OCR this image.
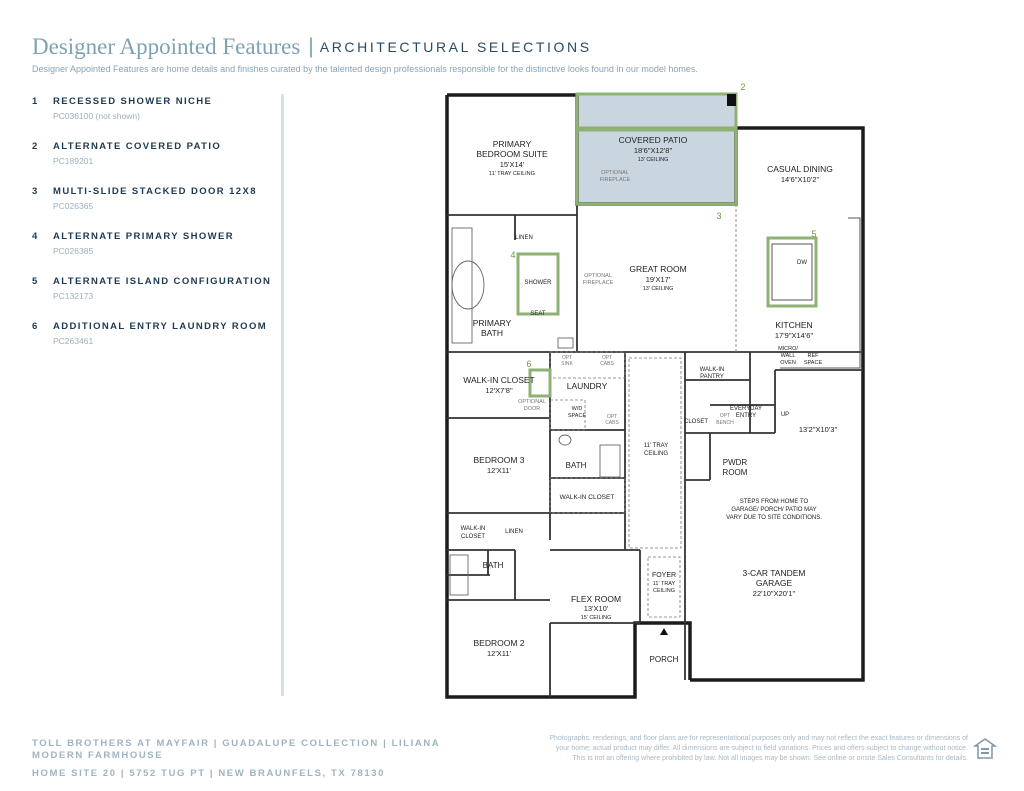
Designer Appointed Features | ARCHITECTURAL SELECTIONS
Designer Appointed Features are home details and finishes curated by the talented design professionals responsible for the distinctive looks found in our model homes.
1	RECESSED SHOWER NICHE
PC036100 (not shown)
2	ALTERNATE COVERED PATIO
PC189201
3	MULTI-SLIDE STACKED DOOR 12X8
PC026365
4	ALTERNATE PRIMARY SHOWER
PC026385
5	ALTERNATE ISLAND CONFIGURATION
PC132173
6	ADDITIONAL ENTRY LAUNDRY ROOM
PC263461
2
3
4
5
6
COVERED PATIO
18'6"X12'8"
13' CEILING
OPTIONAL
FIREPLACE
PRIMARY
BEDROOM SUITE
15'X14'
11' TRAY CEILING	CASUAL DINING
14'6"X10'2"
GREAT ROOM
19'X17'
13' CEILING
OPTIONAL
FIREPLACE
KITCHEN
17'9"X14'6"
DW
PRIMARY
BATH
LINEN
SHOWER
SEAT
WALK-IN CLOSET
12'X7'8"
OPTIONAL
DOOR
LAUNDRY
OPT
SINK
OPT
CABS
W/D
SPACE	OPT
CABS
BEDROOM 3
12'X11'
BATH
WALK-IN CLOSET
WALK-IN
CLOSET
LINEN
BATH
BEDROOM 2
12'X11'
FLEX ROOM
13'X10'
15' CEILING
11' TRAY
CEILING
FOYER
11' TRAY
CEILING
PORCH
WALK-IN
PANTRY
CLOSET
EVERYDAY
ENTRY
OPT
BENCH
UP
PWDR
ROOM
MICRO/
WALL
OVEN
REF
SPACE
13'2"X10'3"
STEPS FROM HOME TO
GARAGE/ PORCH/ PATIO MAY
VARY DUE TO SITE CONDITIONS.
3-CAR TANDEM
GARAGE
22'10"X20'1"
TOLL BROTHERS AT MAYFAIR | GUADALUPE COLLECTION | LILIANA MODERN FARMHOUSE
HOME SITE 20 | 5752 TUG PT | NEW BRAUNFELS, TX 78130
Photographs, renderings, and floor plans are for representational purposes only and may not reflect the exact features or dimensions of
your home; actual product may differ. All dimensions are subject to field variations. Prices and offers subject to change without notice.
This is not an offering where prohibited by law. Not all images may be shown. See online or onsite Sales Consultants for details.
